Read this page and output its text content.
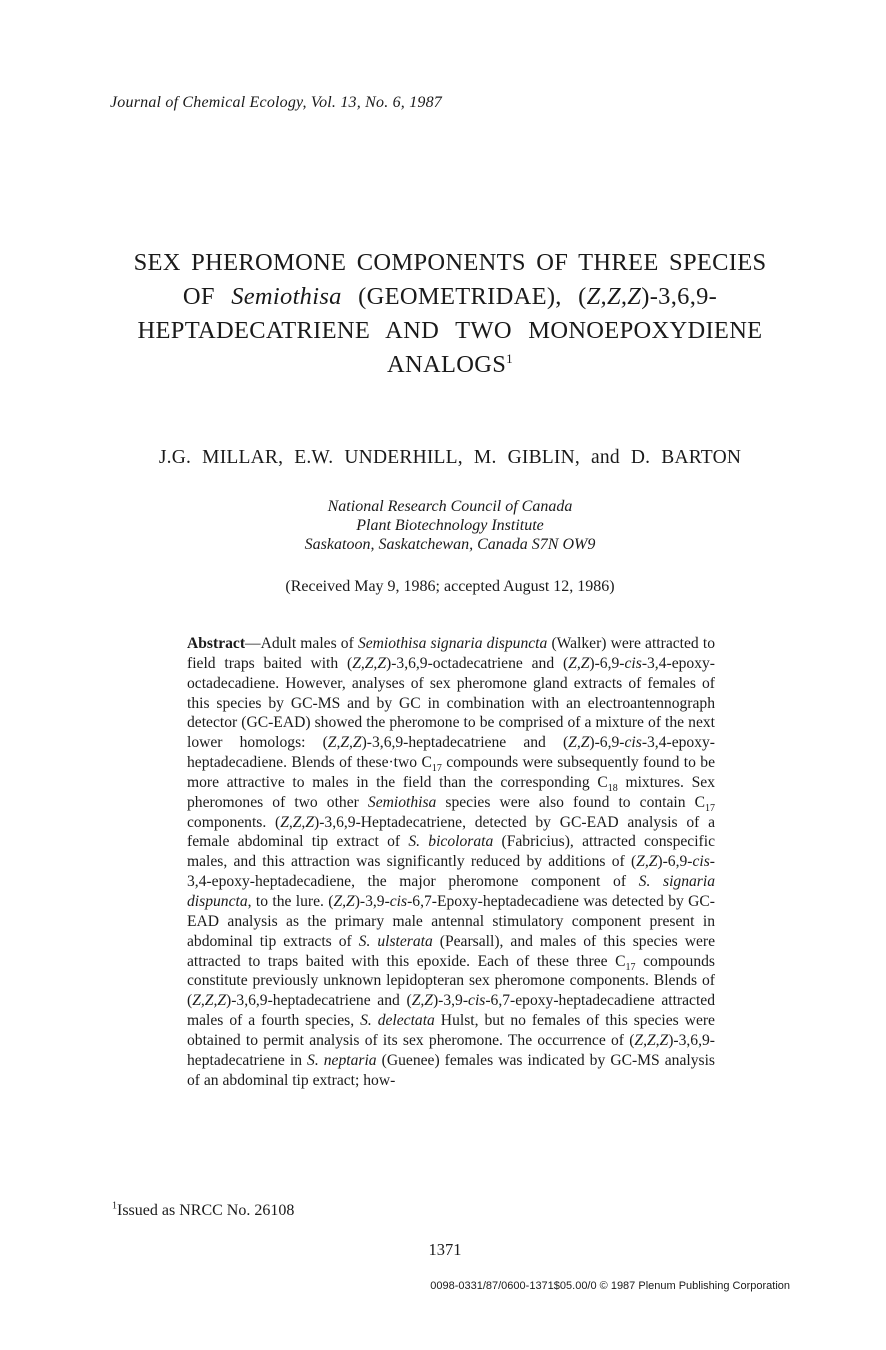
Journal of Chemical Ecology, Vol. 13, No. 6, 1987
SEX PHEROMONE COMPONENTS OF THREE SPECIES
OF Semiothisa (GEOMETRIDAE), (Z,Z,Z)-3,6,9-
HEPTADECATRIENE AND TWO MONOEPOXYDIENE
ANALOGS$^1$
J.G. MILLAR, E.W. UNDERHILL, M. GIBLIN, and D. BARTON
National Research Council of Canada
Plant Biotechnology Institute
Saskatoon, Saskatchewan, Canada S7N OW9
(Received May 9, 1986; accepted August 12, 1986)

Abstract—Adult males of Semiothisa signaria dispuncta (Walker) were attracted to field traps baited with (Z,Z,Z)-3,6,9-octadecatriene and (Z,Z)-6,9-cis-3,4-epoxy-octadecadiene. However, analyses of sex pheromone gland extracts of females of this species by GC-MS and by GC in combination with an electroantennograph detector (GC-EAD) showed the pheromone to be comprised of a mixture of the next lower homologs: (Z,Z,Z)-3,6,9-heptadecatriene and (Z,Z)-6,9-cis-3,4-epoxy-heptadecadiene. Blends of these·two $C_{17}$ compounds were subsequently found to be more attractive to males in the field than the corresponding $C_{18}$ mixtures. Sex pheromones of two other Semiothisa species were also found to contain $C_{17}$ components. (Z,Z,Z)-3,6,9-Heptadecatriene, detected by GC-EAD analysis of a female abdominal tip extract of S. bicolorata (Fabricius), attracted conspecific males, and this attraction was significantly reduced by additions of (Z,Z)-6,9-cis-3,4-epoxy-heptadecadiene, the major pheromone component of S. signaria dispuncta, to the lure. (Z,Z)-3,9-cis-6,7-Epoxy-heptadecadiene was detected by GC-EAD analysis as the primary male antennal stimulatory component present in abdominal tip extracts of S. ulsterata (Pearsall), and males of this species were attracted to traps baited with this epoxide. Each of these three $C_{17}$ compounds constitute previously unknown lepidopteran sex pheromone components. Blends of (Z,Z,Z)-3,6,9-heptadecatriene and (Z,Z)-3,9-cis-6,7-epoxy-heptadecadiene attracted males of a fourth species, S. delectata Hulst, but no females of this species were obtained to permit analysis of its sex pheromone. The occurrence of (Z,Z,Z)-3,6,9-heptadecatriene in S. neptaria (Guenee) females was indicated by GC-MS analysis of an abdominal tip extract; how-

$^1$Issued as NRCC No. 26108
1371
0098-0331/87/0600-1371$05.00/0 © 1987 Plenum Publishing Corporation
